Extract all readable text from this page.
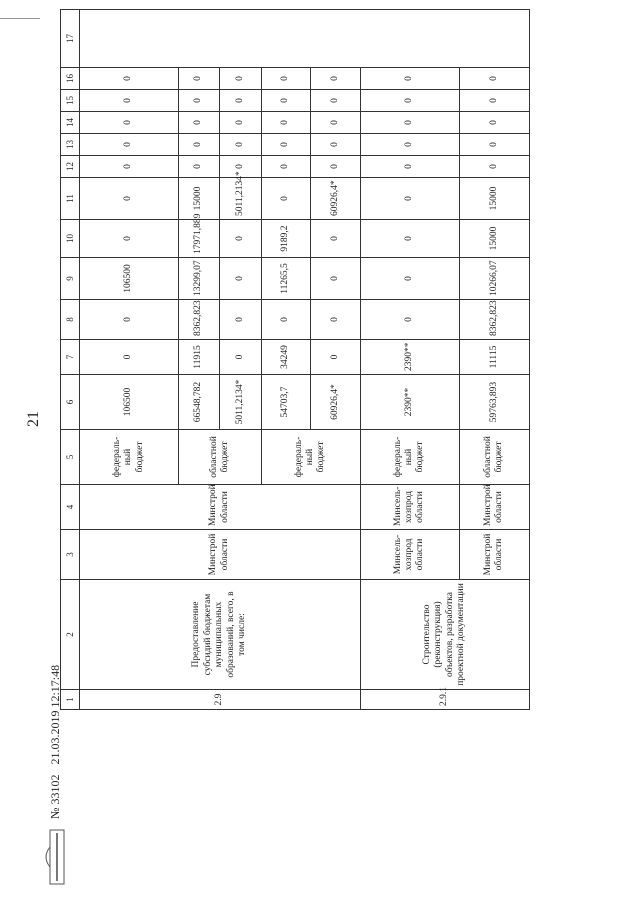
21
№ 33102
21.03.2019 12:17:48 1	2	3	4	5	6	7	8	9	10	11	12	13	14	15	16	17
2.9	Предоставление субсидий бюджетам муниципальных образований, всего, в том числе:	Минстрой области	Минстрой области	федераль-ный бюджет	106500	0	0	106500	0	0	0	0	0	0	0	
				областной бюджет	66548,782	11915	8362,823	13299,07	17971,889	15000	0	0	0	0	0	
					5011,2134*	0	0	0	0	5011,2134*	0	0	0	0	0	
				федераль-ный бюджет	54703,7	34249	0	11265,5	9189,2	0	0	0	0	0	0	
					60926,4*	0	0	0	0	60926,4*	0	0	0	0	0	
2.9.1	Строительство (реконструкция) объектов, разработка проектной документации	Минсель-хозпрод области	Минсель-хозпрод области	федераль-ный бюджет	2390**	2390**	0	0	0	0	0	0	0	0	0	
		Минстрой области	Минстрой области	областной бюджет	59763,893	11115	8362,823	10266,07	15000	15000	0	0	0	0	0	
